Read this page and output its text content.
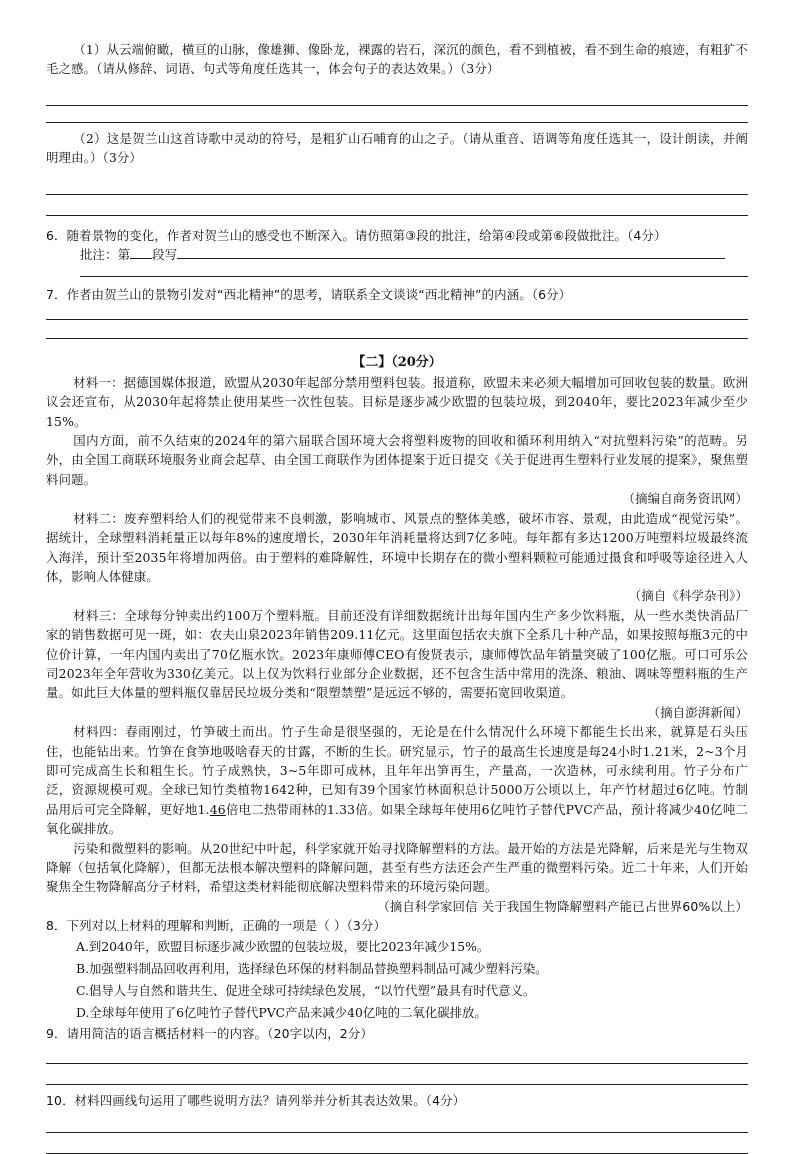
（1）从云端俯瞰，横亘的山脉，像雄狮、像卧龙，裸露的岩石，深沉的颜色，看不到植被，看不到生命的痕迹，有粗犷不毛之感。（请从修辞、词语、句式等角度任选其一，体会句子的表达效果。）（3分）

（2）这是贺兰山这首诗歌中灵动的符号，是粗犷山石哺育的山之子。（请从重音、语调等角度任选其一，设计朗读，并阐明理由。）（3分）

6．随着景物的变化，作者对贺兰山的感受也不断深入。请仿照第③段的批注，给第④段或第⑥段做批注。（4分）

批注：第 段写

7．作者由贺兰山的景物引发对“西北精神”的思考，请联系全文谈谈“西北精神”的内涵。（6分）

【二】（20分）

材料一：据德国媒体报道，欧盟从2030年起部分禁用塑料包装。报道称，欧盟未来必须大幅增加可回收包装的数量。欧洲议会还宣布，从2030年起将禁止使用某些一次性包装。目标是逐步减少欧盟的包装垃圾，到2040年，要比2023年减少至少15%。

国内方面，前不久结束的2024年的第六届联合国环境大会将塑料废物的回收和循环利用纳入“对抗塑料污染”的范畴。另外，由全国工商联环境服务业商会起草、由全国工商联作为团体提案于近日提交《关于促进再生塑料行业发展的提案》，聚焦塑料问题。

（摘编自商务资讯网）

材料二：废弃塑料给人们的视觉带来不良刺激，影响城市、风景点的整体美感，破坏市容、景观，由此造成“视觉污染”。据统计，全球塑料消耗量正以每年8%的速度增长，2030年年消耗量将达到7亿多吨。每年都有多达1200万吨塑料垃圾最终流入海洋，预计至2035年将增加两倍。由于塑料的难降解性，环境中长期存在的微小塑料颗粒可能通过摄食和呼吸等途径进入人体，影响人体健康。

（摘自《科学杂刊》）

材料三：全球每分钟卖出约100万个塑料瓶。目前还没有详细数据统计出每年国内生产多少饮料瓶，从一些水类快消品厂家的销售数据可见一斑，如：农夫山泉2023年销售209.11亿元。这里面包括农夫旗下全系几十种产品，如果按照每瓶3元的中位价计算，一年内国内卖出了70亿瓶水饮。2023年康师傅CEO有俊贤表示，康师傅饮品年销量突破了100亿瓶。可口可乐公司2023年全年营收为330亿美元。以上仅为饮料行业部分企业数据，还不包含生活中常用的洗涤、粮油、调味等塑料瓶的生产量。如此巨大体量的塑料瓶仅靠居民垃圾分类和“限塑禁塑”是远远不够的，需要拓宽回收渠道。

（摘自澎湃新闻）

材料四：春雨刚过，竹笋破土而出。竹子生命是很坚强的，无论是在什么情况什么环境下都能生长出来，就算是石头压住，也能钻出来。竹笋在食笋地吸啥春天的甘露，不断的生长。研究显示，竹子的最高生长速度是每24小时1.21米，2~3个月即可完成高生长和粗生长。竹子成熟快，3~5年即可成林，且年年出笋再生，产量高，一次造林，可永续利用。竹子分布广泛，资源规模可观。全球已知竹类植物1642种，已知有39个国家竹林面积总计5000万公顷以上，年产竹材超过6亿吨。竹制品用后可完全降解，更好地1.46倍电二热带雨林的1.33倍。如果全球每年使用6亿吨竹子替代PVC产品，预计将减少40亿吨二氧化碳排放。

污染和微塑料的影响。从20世纪中叶起，科学家就开始寻找降解塑料的方法。最开始的方法是光降解，后来是光与生物双降解（包括氧化降解），但都无法根本解决塑料的降解问题，甚至有些方法还会产生严重的微塑料污染。近二十年来，人们开始聚焦全生物降解高分子材料，希望这类材料能彻底解决塑料带来的环境污染问题。

（摘自科学家回信 关于我国生物降解塑料产能已占世界60%以上）

8．下列对以上材料的理解和判断，正确的一项是（ ）（3分）

A.到2040年，欧盟目标逐步减少欧盟的包装垃圾，要比2023年减少15%。

B.加强塑料制品回收再利用，选择绿色环保的材料制品替换塑料制品可减少塑料污染。

C.倡导人与自然和谐共生、促进全球可持续绿色发展，“以竹代塑”最具有时代意义。

D.全球每年使用了6亿吨竹子替代PVC产品来减少40亿吨的二氧化碳排放。

9．请用简洁的语言概括材料一的内容。（20字以内，2分）

10．材料四画线句运用了哪些说明方法？请列举并分析其表达效果。（4分）
